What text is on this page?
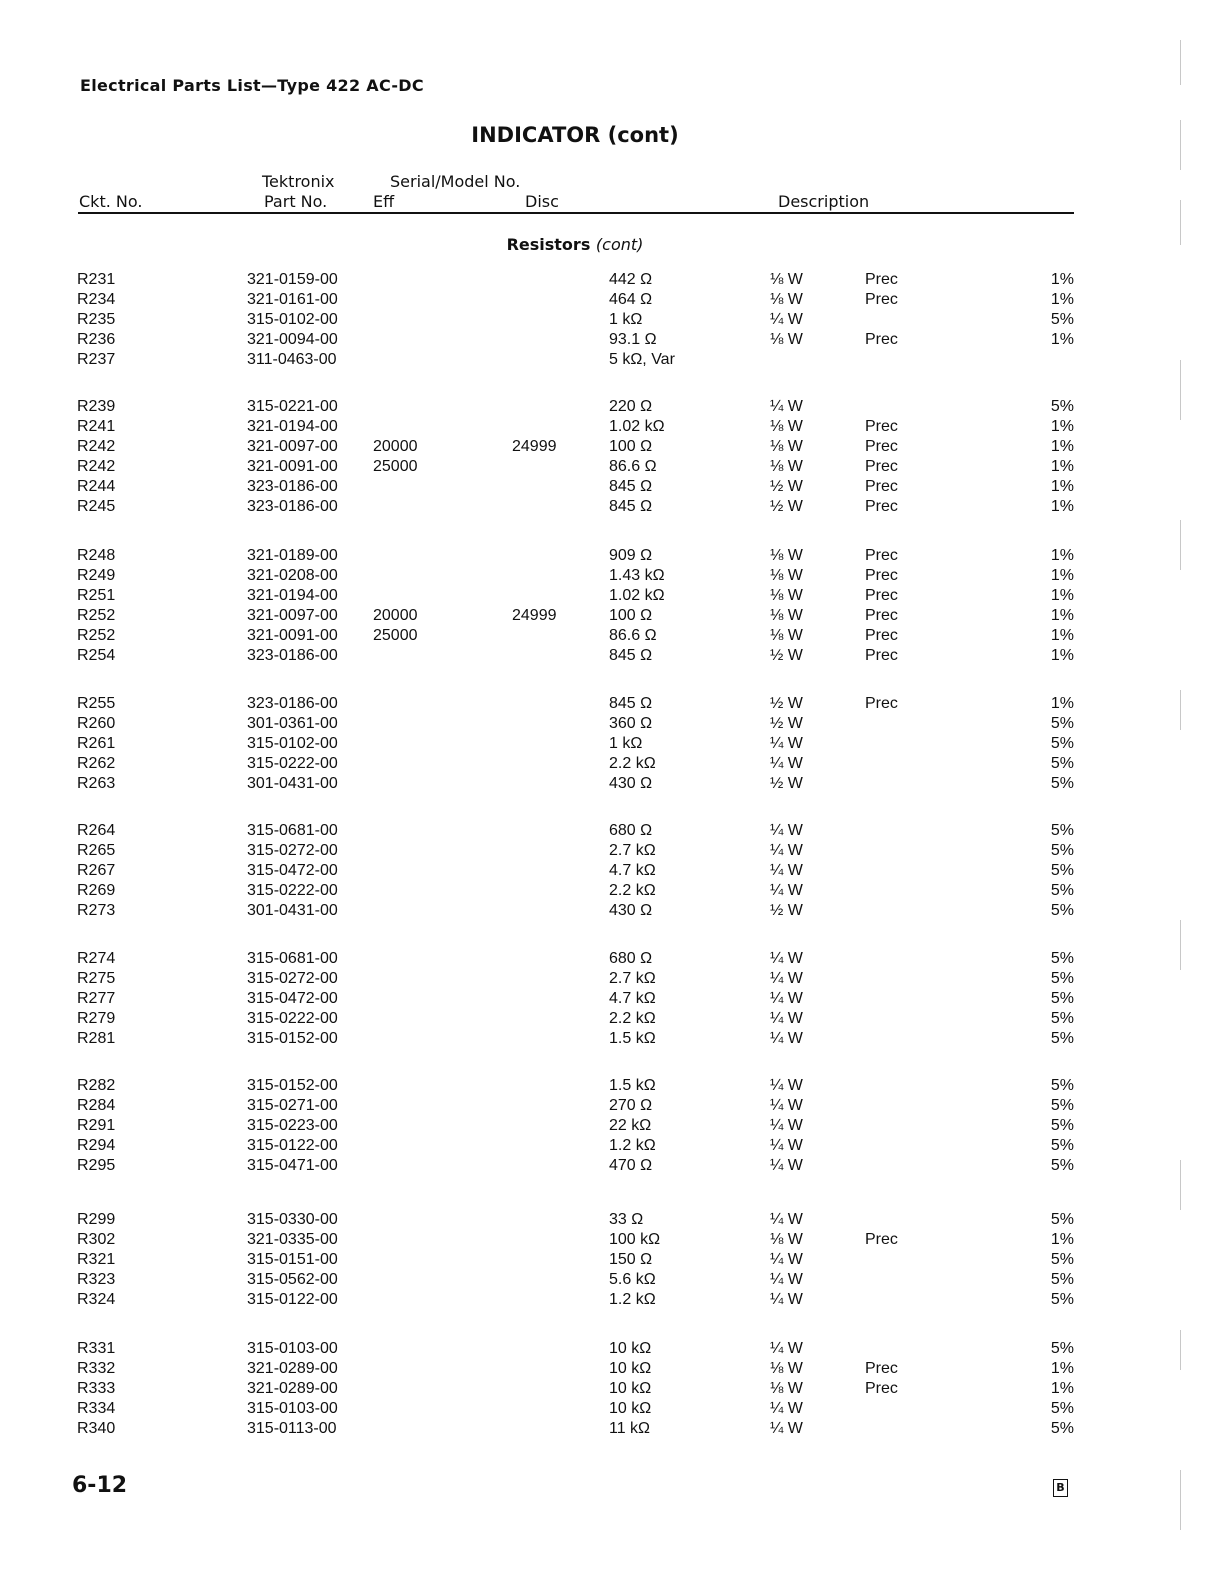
Electrical Parts List—Type 422 AC-DC
INDICATOR (cont)
Ckt. No.
Tektronix
Part No.
Serial/Model No.
Eff	Disc	Description
Resistors (cont)
R231	321-0159-00	442 Ω	⅛ W	Prec	1%
R234	321-0161-00	464 Ω	⅛ W	Prec	1%
R235	315-0102-00	1 kΩ	¼ W	5%
R236	321-0094-00	93.1 Ω	⅛ W	Prec	1%
R237	311-0463-00	5 kΩ, Var
R239	315-0221-00	220 Ω	¼ W	5%
R241	321-0194-00	1.02 kΩ	⅛ W	Prec	1%
R242	321-0097-00 20000	24999	100 Ω	⅛ W	Prec	1%
R242	321-0091-00 25000	86.6 Ω	⅛ W	Prec	1%
R244	323-0186-00	845 Ω	½ W	Prec	1%
R245	323-0186-00	845 Ω	½ W	Prec	1%
R248	321-0189-00	909 Ω	⅛ W	Prec	1%
R249	321-0208-00	1.43 kΩ	⅛ W	Prec	1%
R251	321-0194-00	1.02 kΩ	⅛ W	Prec	1%
R252	321-0097-00 20000	24999	100 Ω	⅛ W	Prec	1%
R252	321-0091-00 25000	86.6 Ω	⅛ W	Prec	1%
R254	323-0186-00	845 Ω	½ W	Prec	1%
R255	323-0186-00	845 Ω	½ W	Prec	1%
R260	301-0361-00	360 Ω	½ W	5%
R261	315-0102-00	1 kΩ	¼ W	5%
R262	315-0222-00	2.2 kΩ	¼ W	5%
R263	301-0431-00	430 Ω	½ W	5%
R264	315-0681-00	680 Ω	¼ W	5%
R265	315-0272-00	2.7 kΩ	¼ W	5%
R267	315-0472-00	4.7 kΩ	¼ W	5%
R269	315-0222-00	2.2 kΩ	¼ W	5%
R273	301-0431-00	430 Ω	½ W	5%
R274	315-0681-00	680 Ω	¼ W	5%
R275	315-0272-00	2.7 kΩ	¼ W	5%
R277	315-0472-00	4.7 kΩ	¼ W	5%
R279	315-0222-00	2.2 kΩ	¼ W	5%
R281	315-0152-00	1.5 kΩ	¼ W	5%
R282	315-0152-00	1.5 kΩ	¼ W	5%
R284	315-0271-00	270 Ω	¼ W	5%
R291	315-0223-00	22 kΩ	¼ W	5%
R294	315-0122-00	1.2 kΩ	¼ W	5%
R295	315-0471-00	470 Ω	¼ W	5%
R299	315-0330-00	33 Ω	¼ W	5%
R302	321-0335-00	100 kΩ	⅛ W	Prec	1%
R321	315-0151-00	150 Ω	¼ W	5%
R323	315-0562-00	5.6 kΩ	¼ W	5%
R324	315-0122-00	1.2 kΩ	¼ W	5%
R331	315-0103-00	10 kΩ	¼ W	5%
R332	321-0289-00	10 kΩ	⅛ W	Prec	1%
R333	321-0289-00	10 kΩ	⅛ W	Prec	1%
R334	315-0103-00	10 kΩ	¼ W	5%
R340	315-0113-00	11 kΩ	¼ W	5%
6-12	B
